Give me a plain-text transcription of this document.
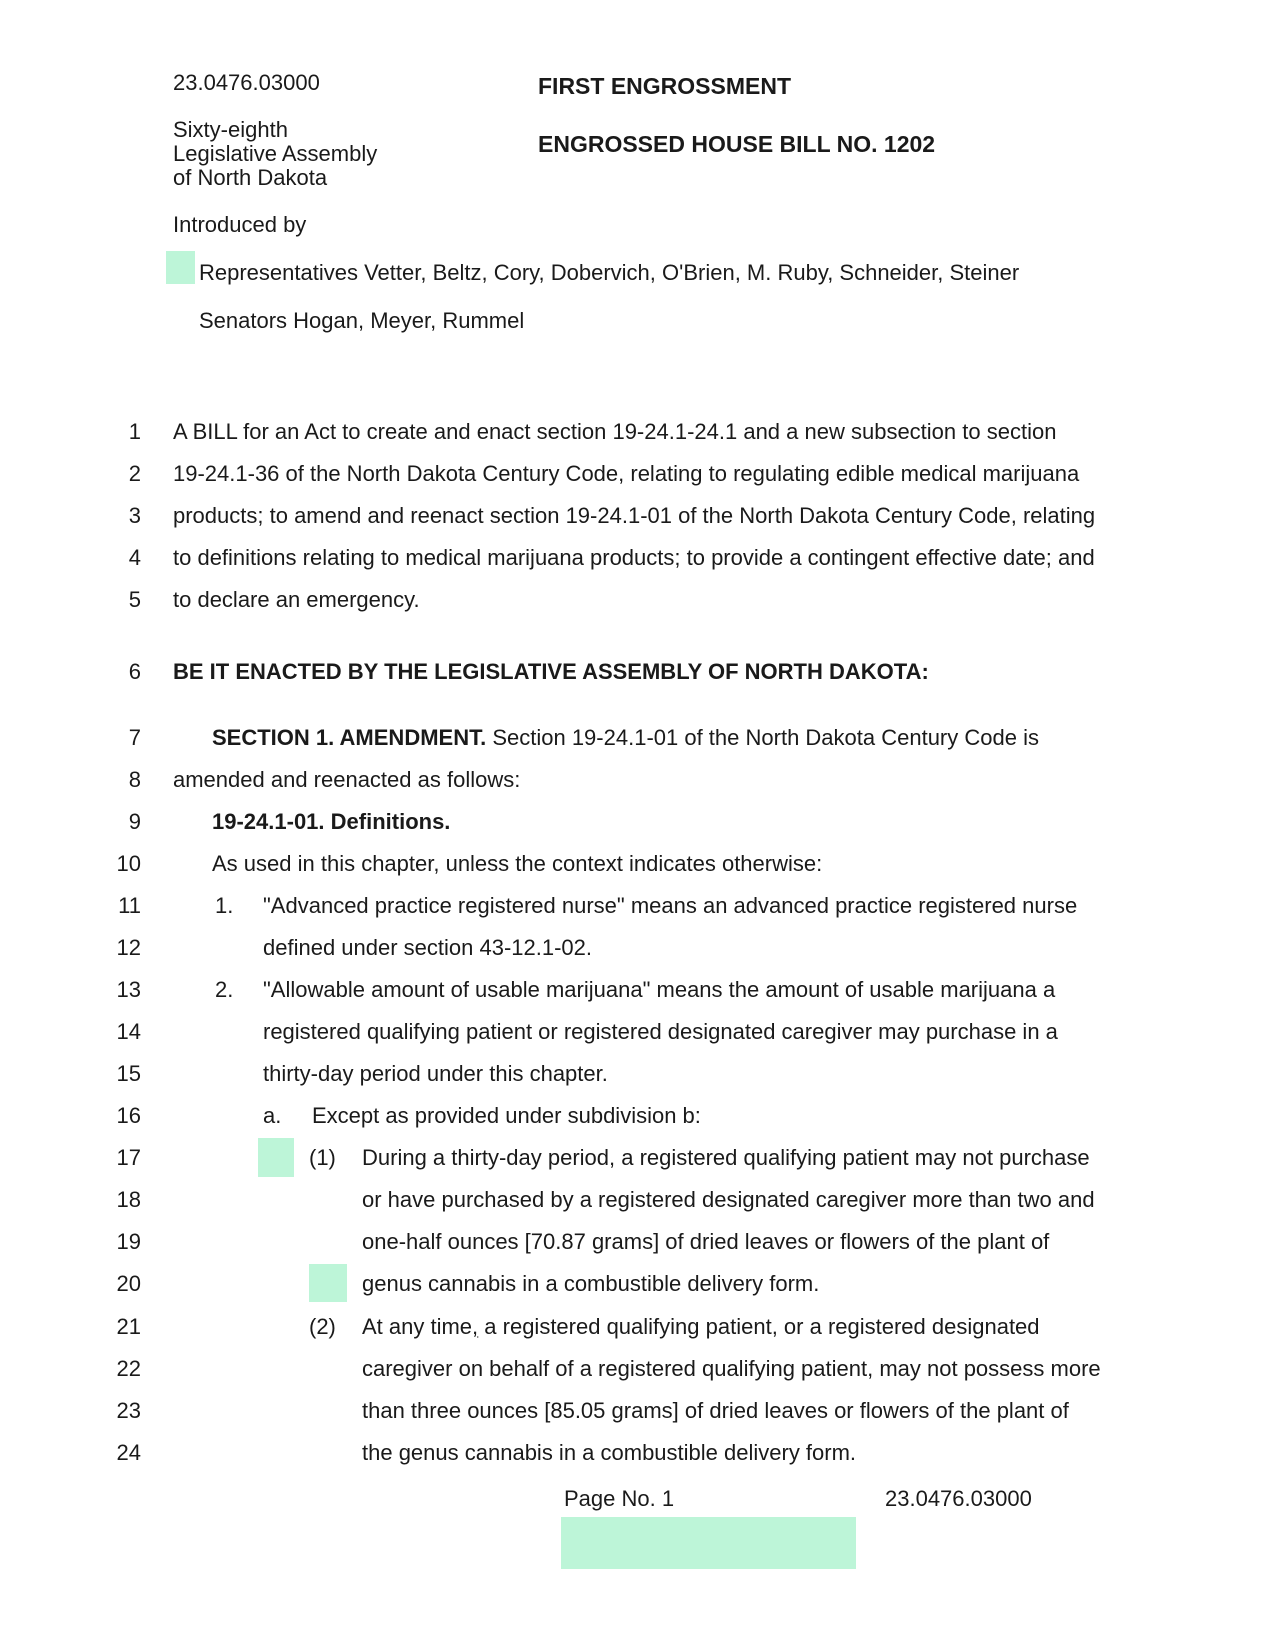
23.0476.03000
Sixty-eighth
Legislative Assembly
of North Dakota
FIRST ENGROSSMENT
ENGROSSED HOUSE BILL NO. 1202
Introduced by
Representatives Vetter, Beltz, Cory, Dobervich, O'Brien, M. Ruby, Schneider, Steiner
Senators Hogan, Meyer, Rummel
1 A BILL for an Act to create and enact section 19-24.1-24.1 and a new subsection to section
2 19-24.1-36 of the North Dakota Century Code, relating to regulating edible medical marijuana
3 products; to amend and reenact section 19-24.1-01 of the North Dakota Century Code, relating
4 to definitions relating to medical marijuana products; to provide a contingent effective date; and
5 to declare an emergency.
6 BE IT ENACTED BY THE LEGISLATIVE ASSEMBLY OF NORTH DAKOTA:
7	SECTION 1. AMENDMENT. Section 19-24.1-01 of the North Dakota Century Code is
8 amended and reenacted as follows:
9	19-24.1-01. Definitions.
10	As used in this chapter, unless the context indicates otherwise:
11	1. "Advanced practice registered nurse" means an advanced practice registered nurse
12	defined under section 43-12.1-02.
13	2. "Allowable amount of usable marijuana" means the amount of usable marijuana a
14	registered qualifying patient or registered designated caregiver may purchase in a
15	thirty-day period under this chapter.
16	a. Except as provided under subdivision b:
17	(1) During a thirty-day period, a registered qualifying patient may not purchase
18	or have purchased by a registered designated caregiver more than two and
19	one-half ounces [70.87 grams] of dried leaves or flowers of the plant of
20	genus cannabis in a combustible delivery form.
21	(2) At any time, a registered qualifying patient, or a registered designated
22	caregiver on behalf of a registered qualifying patient, may not possess more
23	than three ounces [85.05 grams] of dried leaves or flowers of the plant of
24	the genus cannabis in a combustible delivery form.
Page No. 1	23.0476.03000
